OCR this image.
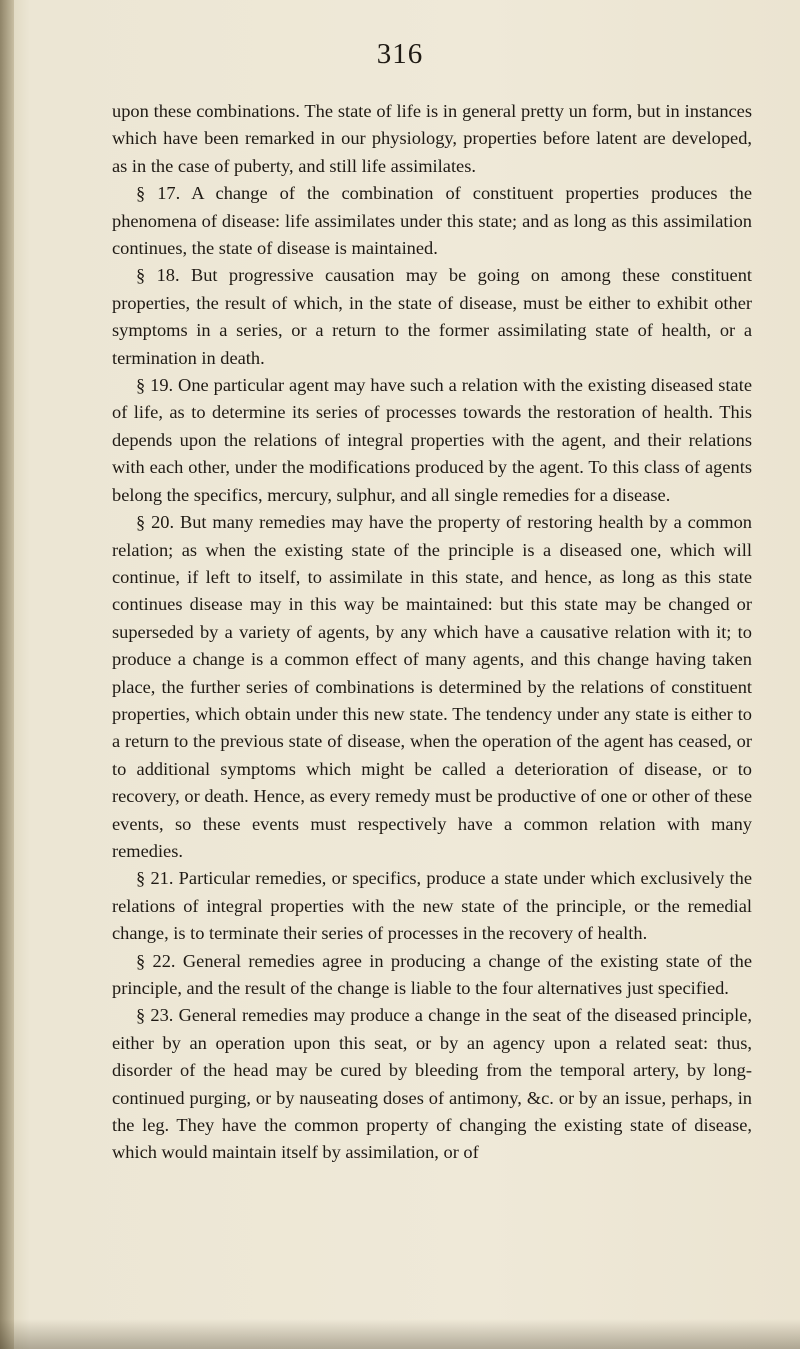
316

upon these combinations. The state of life is in general pretty un form, but in instances which have been remarked in our physiology, properties before latent are developed, as in the case of puberty, and still life assimilates.

§ 17. A change of the combination of constituent properties produces the phenomena of disease: life assimilates under this state; and as long as this assimilation continues, the state of disease is maintained.

§ 18. But progressive causation may be going on among these constituent properties, the result of which, in the state of disease, must be either to exhibit other symptoms in a series, or a return to the former assimilating state of health, or a termination in death.

§ 19. One particular agent may have such a relation with the existing diseased state of life, as to determine its series of processes towards the restoration of health. This depends upon the relations of integral properties with the agent, and their relations with each other, under the modifications produced by the agent. To this class of agents belong the specifics, mercury, sulphur, and all single remedies for a disease.

§ 20. But many remedies may have the property of restoring health by a common relation; as when the existing state of the principle is a diseased one, which will continue, if left to itself, to assimilate in this state, and hence, as long as this state continues disease may in this way be maintained: but this state may be changed or superseded by a variety of agents, by any which have a causative relation with it; to produce a change is a common effect of many agents, and this change having taken place, the further series of combinations is determined by the relations of constituent properties, which obtain under this new state. The tendency under any state is either to a return to the previous state of disease, when the operation of the agent has ceased, or to additional symptoms which might be called a deterioration of disease, or to recovery, or death. Hence, as every remedy must be productive of one or other of these events, so these events must respectively have a common relation with many remedies.

§ 21. Particular remedies, or specifics, produce a state under which exclusively the relations of integral properties with the new state of the principle, or the remedial change, is to terminate their series of processes in the recovery of health.

§ 22. General remedies agree in producing a change of the existing state of the principle, and the result of the change is liable to the four alternatives just specified.

§ 23. General remedies may produce a change in the seat of the diseased principle, either by an operation upon this seat, or by an agency upon a related seat: thus, disorder of the head may be cured by bleeding from the temporal artery, by long-continued purging, or by nauseating doses of antimony, &c. or by an issue, perhaps, in the leg. They have the common property of changing the existing state of disease, which would maintain itself by assimilation, or of
